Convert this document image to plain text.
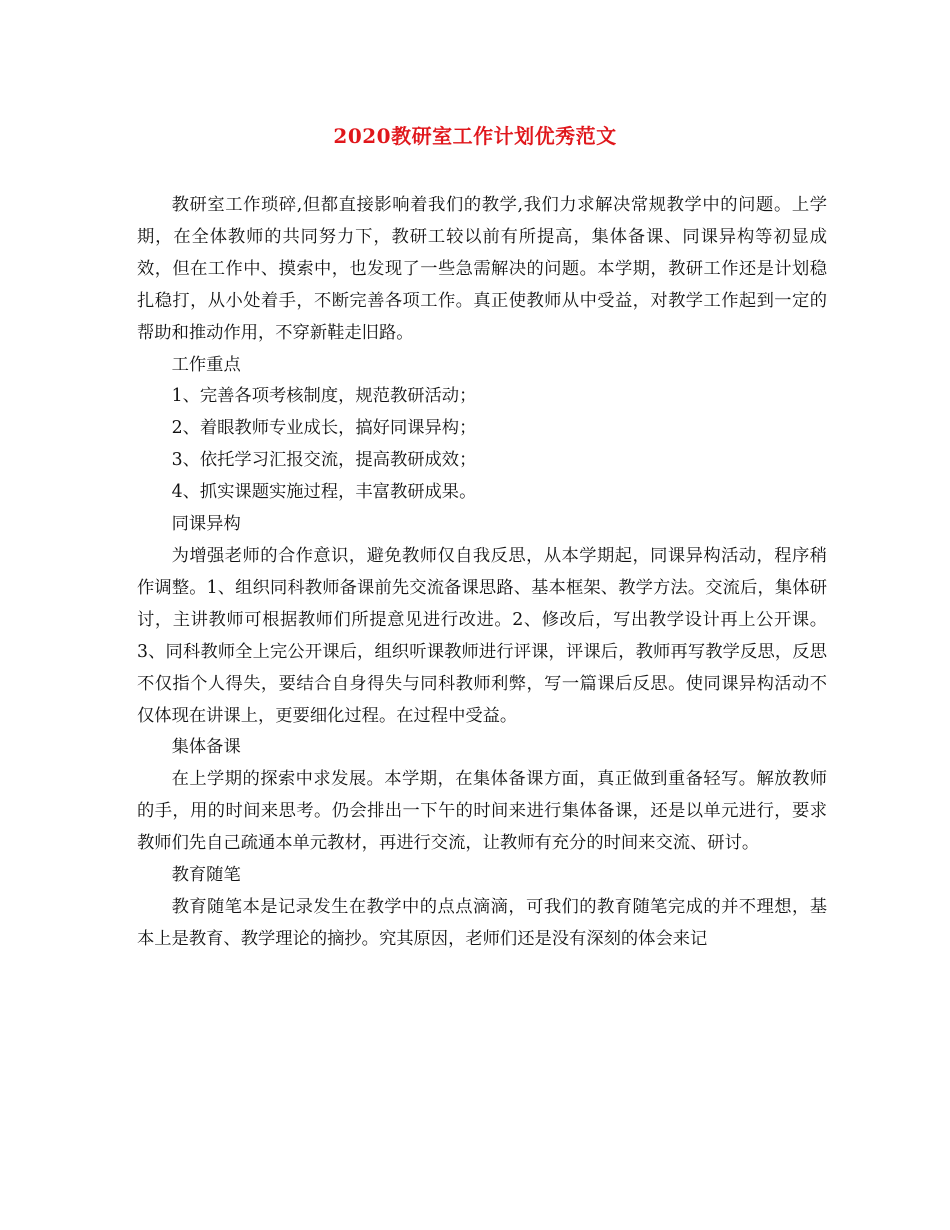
2020教研室工作计划优秀范文

教研室工作琐碎,但都直接影响着我们的教学,我们力求解决常规教学中的问题。上学期，在全体教师的共同努力下，教研工较以前有所提高，集体备课、同课异构等初显成效，但在工作中、摸索中，也发现了一些急需解决的问题。本学期，教研工作还是计划稳扎稳打，从小处着手，不断完善各项工作。真正使教师从中受益，对教学工作起到一定的帮助和推动作用，不穿新鞋走旧路。

工作重点

1、完善各项考核制度，规范教研活动；

2、着眼教师专业成长，搞好同课异构；

3、依托学习汇报交流，提高教研成效；

4、抓实课题实施过程，丰富教研成果。

同课异构

为增强老师的合作意识，避免教师仅自我反思，从本学期起，同课异构活动，程序稍作调整。1、组织同科教师备课前先交流备课思路、基本框架、教学方法。交流后，集体研讨，主讲教师可根据教师们所提意见进行改进。2、修改后，写出教学设计再上公开课。3、同科教师全上完公开课后，组织听课教师进行评课，评课后，教师再写教学反思，反思不仅指个人得失，要结合自身得失与同科教师利弊，写一篇课后反思。使同课异构活动不仅体现在讲课上，更要细化过程。在过程中受益。

集体备课

在上学期的探索中求发展。本学期，在集体备课方面，真正做到重备轻写。解放教师的手，用的时间来思考。仍会排出一下午的时间来进行集体备课，还是以单元进行，要求教师们先自己疏通本单元教材，再进行交流，让教师有充分的时间来交流、研讨。

教育随笔

教育随笔本是记录发生在教学中的点点滴滴，可我们的教育随笔完成的并不理想，基本上是教育、教学理论的摘抄。究其原因，老师们还是没有深刻的体会来记
